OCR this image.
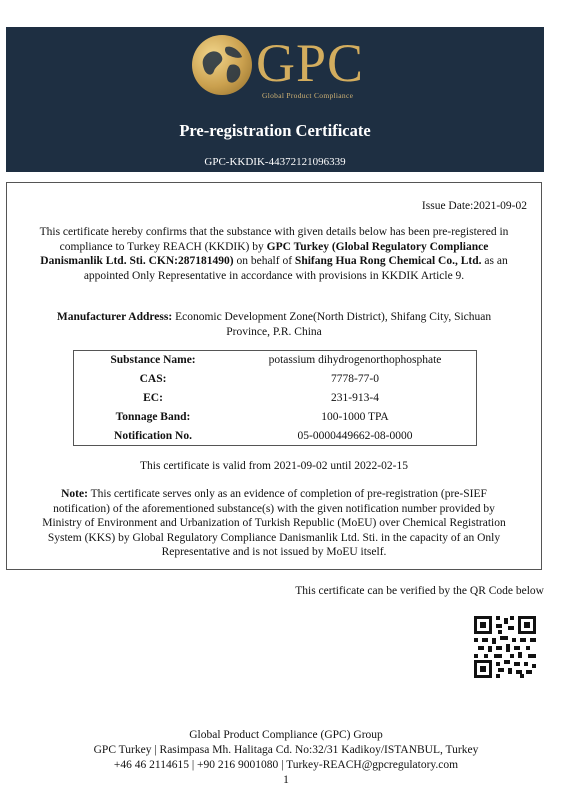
GPC
Global Product Compliance
Pre-registration Certificate
GPC-KKDIK-44372121096339
Issue Date:2021-09-02
This certificate hereby confirms that the substance with given details below has been pre-registered in compliance to Turkey REACH (KKDIK) by GPC Turkey (Global Regulatory Compliance Danismanlik Ltd. Sti. CKN:287181490) on behalf of Shifang Hua Rong Chemical Co., Ltd. as an appointed Only Representative in accordance with provisions in KKDIK Article 9.
Manufacturer Address: Economic Development Zone(North District), Shifang City, Sichuan Province, P.R. China
Substance Name:	potassium dihydrogenorthophosphate
CAS:	7778-77-0
EC:	231-913-4
Tonnage Band:	100-1000 TPA
Notification No.	05-0000449662-08-0000
This certificate is valid from 2021-09-02 until 2022-02-15
Note: This certificate serves only as an evidence of completion of pre-registration (pre-SIEF notification) of the aforementioned substance(s) with the given notification number provided by Ministry of Environment and Urbanization of Turkish Republic (MoEU) over Chemical Registration System (KKS) by Global Regulatory Compliance Danismanlik Ltd. Sti. in the capacity of an Only Representative and is not issued by MoEU itself.
This certificate can be verified by the QR Code below
Global Product Compliance (GPC) Group
GPC Turkey | Rasimpasa Mh. Halitaga Cd. No:32/31 Kadikoy/ISTANBUL, Turkey
+46 46 2114615 | +90 216 9001080 | Turkey-REACH@gpcregulatory.com
1
